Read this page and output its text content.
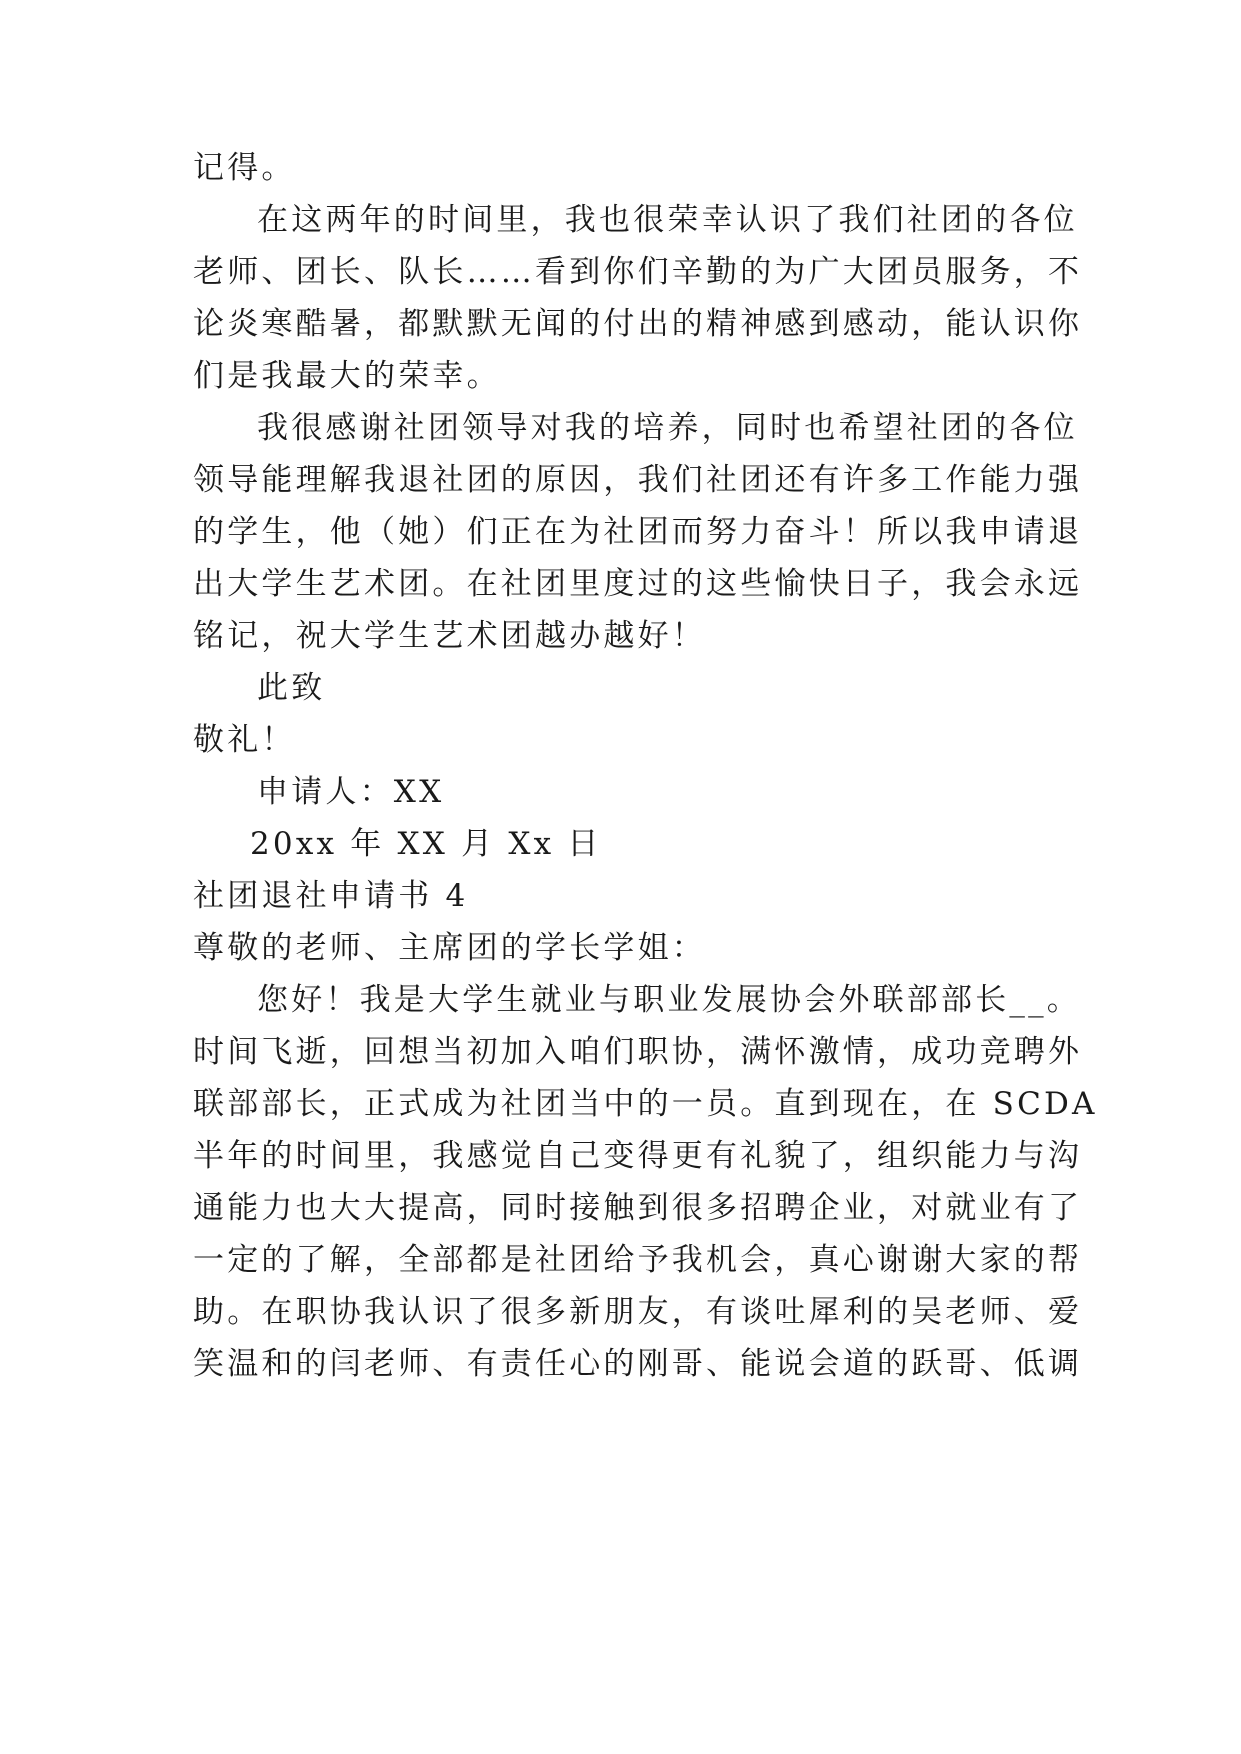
记得。
在这两年的时间里，我也很荣幸认识了我们社团的各位
老师、团长、队长……看到你们辛勤的为广大团员服务，不
论炎寒酷暑，都默默无闻的付出的精神感到感动，能认识你
们是我最大的荣幸。
我很感谢社团领导对我的培养，同时也希望社团的各位
领导能理解我退社团的原因，我们社团还有许多工作能力强
的学生，他（她）们正在为社团而努力奋斗！所以我申请退
出大学生艺术团。在社团里度过的这些愉快日子，我会永远
铭记，祝大学生艺术团越办越好！
此致
敬礼！
申请人：XX
20xx 年 XX 月 Xx 日
社团退社申请书 4
尊敬的老师、主席团的学长学姐：
您好！我是大学生就业与职业发展协会外联部部长__。
时间飞逝，回想当初加入咱们职协，满怀激情，成功竞聘外
联部部长，正式成为社团当中的一员。直到现在，在 SCDA
半年的时间里，我感觉自己变得更有礼貌了，组织能力与沟
通能力也大大提高，同时接触到很多招聘企业，对就业有了
一定的了解，全部都是社团给予我机会，真心谢谢大家的帮
助。在职协我认识了很多新朋友，有谈吐犀利的吴老师、爱
笑温和的闫老师、有责任心的刚哥、能说会道的跃哥、低调
